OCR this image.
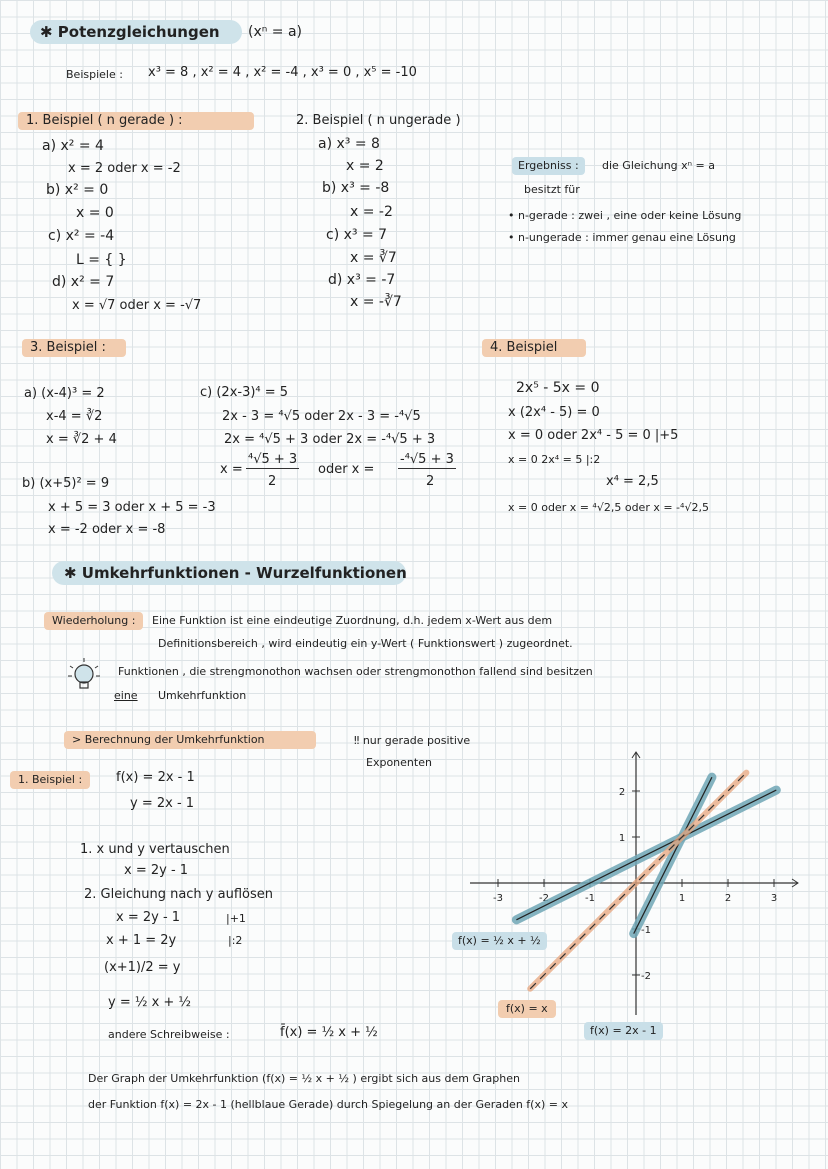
✱ Potenzgleichungen	(xⁿ = a)
Beispiele : x³ = 8 , x² = 4 , x² = -4 , x³ = 0 , x⁵ = -10
1. Beispiel ( n gerade ) :
a) x² = 4
x = 2 oder x = -2
b) x² = 0
x = 0
c) x² = -4
L = { }
d) x² = 7
x = √7 oder x = -√7
2. Beispiel ( n ungerade )
a) x³ = 8
x = 2
b) x³ = -8
x = -2
c) x³ = 7
x = ∛7
d) x³ = -7
x = -∛7
Ergebniss :	die Gleichung xⁿ = a
besitzt für
• n-gerade : zwei , eine oder keine Lösung
• n-ungerade : immer genau eine Lösung
3. Beispiel :
a) (x-4)³ = 2
x-4 = ∛2
x = ∛2 + 4
b) (x+5)² = 9
x + 5 = 3 oder x + 5 = -3
x = -2 oder x = -8
c) (2x-3)⁴ = 5
2x - 3 = ⁴√5 oder 2x - 3 = -⁴√5
2x = ⁴√5 + 3 oder 2x = -⁴√5 + 3
x =
⁴√5 + 3
2
oder x =
-⁴√5 + 3
2
4. Beispiel
2x⁵ - 5x = 0
x (2x⁴ - 5) = 0
x = 0 oder 2x⁴ - 5 = 0 |+5
x = 0 2x⁴ = 5 |:2
x⁴ = 2,5
x = 0 oder x = ⁴√2,5 oder x = -⁴√2,5
✱ Umkehrfunktionen - Wurzelfunktionen
Wiederholung :	Eine Funktion ist eine eindeutige Zuordnung, d.h. jedem x-Wert aus dem
Definitionsbereich , wird eindeutig ein y-Wert ( Funktionswert ) zugeordnet.
Funktionen , die strengmonothon wachsen oder strengmonothon fallend sind besitzen
eine Umkehrfunktion
> Berechnung der Umkehrfunktion	‼ nur gerade positive
Exponenten
1. Beispiel :	f(x) = 2x - 1
y = 2x - 1
1. x und y vertauschen
x = 2y - 1
2. Gleichung nach y auflösen
x = 2y - 1	|+1
x + 1 = 2y	|:2
(x+1)/2 = y
y = ½ x + ½
andere Schreibweise :	f̄(x) = ½ x + ½
-3	-2	-1	1	2	3
2
1
-1
-2
f(x) = ½ x + ½
f(x) = x
f(x) = 2x - 1
Der Graph der Umkehrfunktion (f(x) = ½ x + ½ ) ergibt sich aus dem Graphen
der Funktion f(x) = 2x - 1 (hellblaue Gerade) durch Spiegelung an der Geraden f(x) = x
